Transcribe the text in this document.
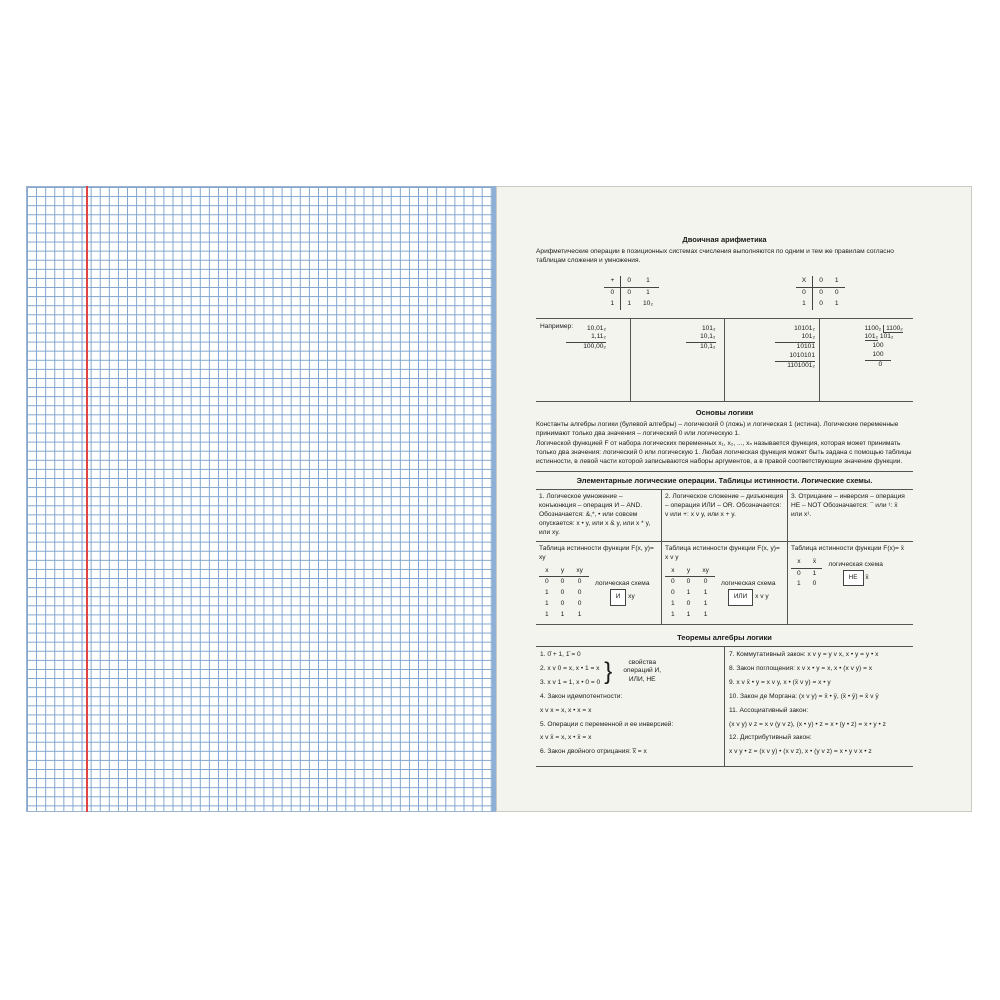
Двоичная арифметика

Арифметические операции в позиционных системах счисления выполняются по одним и тем же правилам согласно таблицам сложения и умножения.

+	0	1
0	0	1
1	1	10₂
X	0	1
0	0	0
1	0	1
Например:	10,01₂
1,11₂
100,00₂
101₂
10,1₂
10,1₂
10101₂
101₂
10101
1010101
1101001₂
1100₂ 1100₂
101₂ 101₂
100
100
0
Основы логики

Константы алгебры логики (булевой алгебры) – логический 0 (ложь) и логическая 1 (истина). Логические переменные принимают только два значения – логический 0 или логическую 1.

Логической функцией F от набора логических переменных x₁, x₂, ..., xₙ называется функция, которая может принимать только два значения: логический 0 или логическую 1. Любая логическая функция может быть задана с помощью таблицы истинности, в левой части которой записываются наборы аргументов, а в правой соответствующие значение функции.

Элементарные логические операции. Таблицы истинности. Логические схемы.
1. Логическое умножение – конъюнкция – операция И – AND. Обозначается: &,*, • или совсем опускается: x • y, или x & y, или x * y, или xy.
2. Логическое сложение – дизъюнкция – операция ИЛИ – OR. Обозначается: v или +: x v y, или x + y.
3. Отрицание – инверсия – операция НЕ – NOT Обозначается: ¯ или ¹: x̄ или x¹.
Таблица истинности функции F(x, y)= xy
x	y	xy
0	0	0
1	0	0
1	0	0
1	1	1
логическая схема
И xy
Таблица истинности функции F(x, y)= x v y
x	y	xy
0	0	0
0	1	1
1	0	1
1	1	1
логическая схема
ИЛИ x v y
Таблица истинности функции F(x)= x̄
x	x̄
0	1
1	0
логическая схема
НЕ x̄
Теоремы алгебры логики

1. 0̄ + 1, 1̄ = 0

2. x v 0 = x, x • 1 = x

3. x v 1 = 1, x • 0 = 0 }	свойства операций И, ИЛИ, НЕ

4. Закон идемпотентности:

x v x = x, x • x = x

5. Операции с переменной и ее инверсией:

x v x̄ = x, x • x̄ = x

6. Закон двойного отрицания: x̿ = x

7. Коммутативный закон: x v y = y v x, x • y = y • x

8. Закон поглощения: x v x • y = x, x • (x v y) = x

9. x v x̄ • y = x v y, x • (x̄ v y) = x • y

10. Закон де Моргана: (x v y) = x̄ • ȳ, (x̄ • ȳ) = x̄ v ȳ

11. Ассоциативный закон:

(x v y) v z = x v (y v z), (x • y) • z = x • (y • z) = x • y • z

12. Дистрибутивный закон:

x v y • z = (x v y) • (x v z), x • (y v z) = x • y v x • z
